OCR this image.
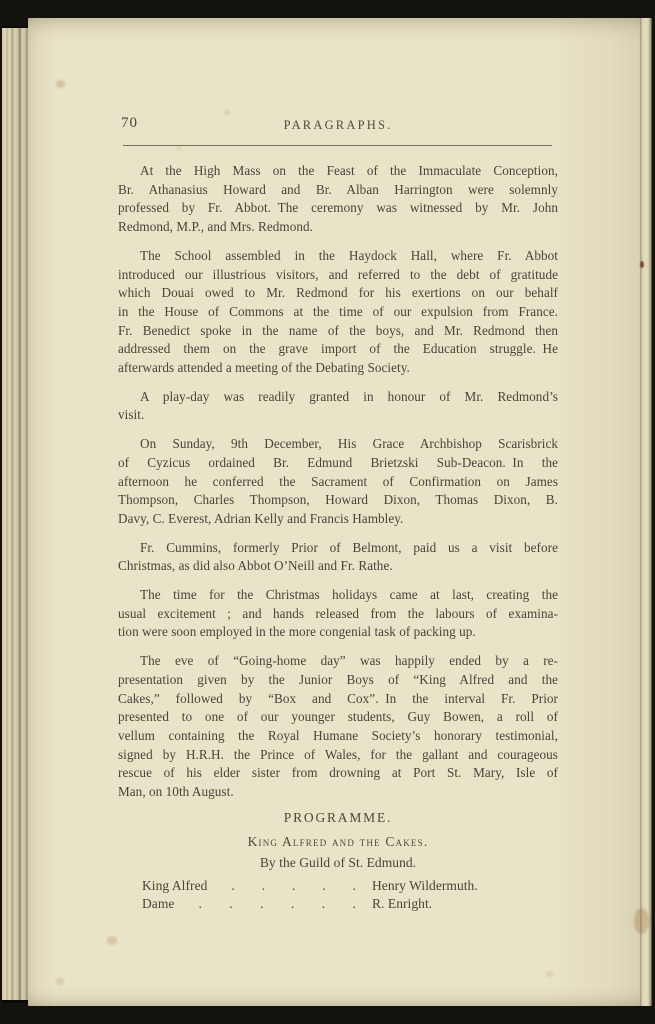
70	PARAGRAPHS.
At the High Mass on the Feast of the Immaculate Conception,
Br. Athanasius Howard and Br. Alban Harrington were solemnly
professed by Fr. Abbot. The ceremony was witnessed by Mr. John
Redmond, M.P., and Mrs. Redmond.
The School assembled in the Haydock Hall, where Fr. Abbot
introduced our illustrious visitors, and referred to the debt of gratitude
which Douai owed to Mr. Redmond for his exertions on our behalf
in the House of Commons at the time of our expulsion from France.
Fr. Benedict spoke in the name of the boys, and Mr. Redmond then
addressed them on the grave import of the Education struggle. He
afterwards attended a meeting of the Debating Society.
A play-day was readily granted in honour of Mr. Redmond’s
visit.
On Sunday, 9th December, His Grace Archbishop Scarisbrick
of Cyzicus ordained Br. Edmund Brietzski Sub-Deacon. In the
afternoon he conferred the Sacrament of Confirmation on James
Thompson, Charles Thompson, Howard Dixon, Thomas Dixon, B.
Davy, C. Everest, Adrian Kelly and Francis Hambley.
Fr. Cummins, formerly Prior of Belmont, paid us a visit before
Christmas, as did also Abbot O’Neill and Fr. Rathe.
The time for the Christmas holidays came at last, creating the
usual excitement ; and hands released from the labours of examina-
tion were soon employed in the more congenial task of packing up.
The eve of “Going-home day” was happily ended by a re-
presentation given by the Junior Boys of “King Alfred and the
Cakes,” followed by “Box and Cox”. In the interval Fr. Prior
presented to one of our younger students, Guy Bowen, a roll of
vellum containing the Royal Humane Society’s honorary testimonial,
signed by H.R.H. the Prince of Wales, for the gallant and courageous
rescue of his elder sister from drowning at Port St. Mary, Isle of
Man, on 10th August.
PROGRAMME.
King Alfred and the Cakes.
By the Guild of St. Edmund.
King Alfred	. . . . . Henry Wildermuth.
Dame	. . . . . . R. Enright.
